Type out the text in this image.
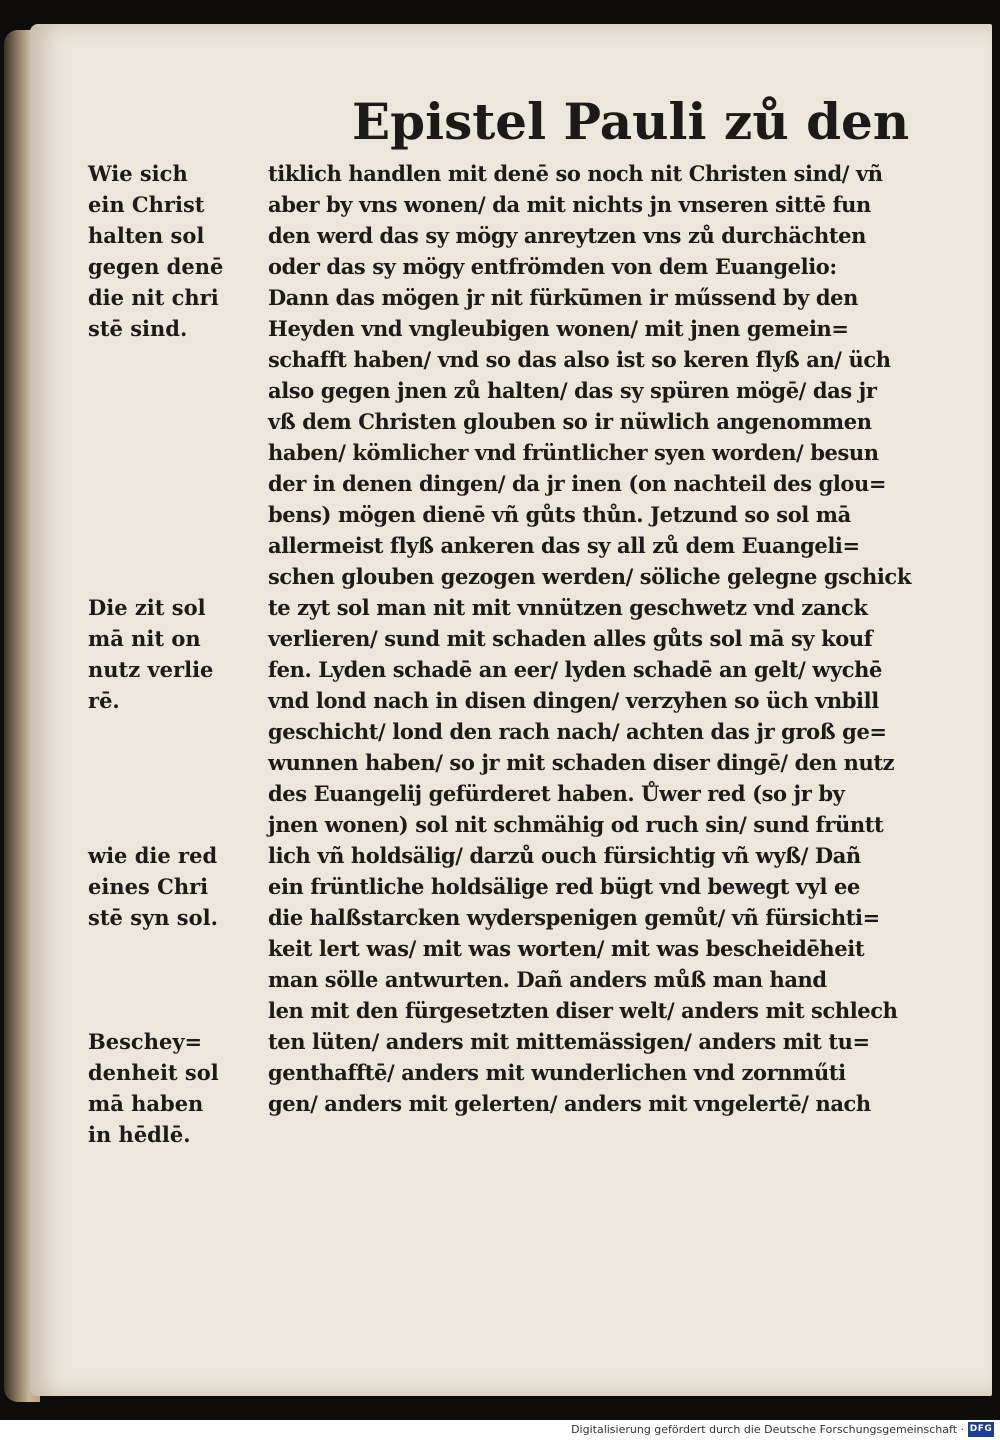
Epistel Pauli zů den
Wie sich
ein Christ
halten sol
gegen denē
die nit chri
stē sind.
Die zit sol
mā nit on
nutz verlie
rē.
wie die red
eines Chri
stē syn sol.
Beschey=
denheit sol
mā haben
in hēdlē.
tiklich handlen mit denē so noch nit Christen sind/ vñ
aber by vns wonen/ da mit nichts jn vnseren sittē fun
den werd das sy mögy anreytzen vns zů durchächten
oder das sy mögy entfrömden von dem Euangelio:
Dann das mögen jr nit fürkūmen ir műssend by den
Heyden vnd vngleubigen wonen/ mit jnen gemein=
schafft haben/ vnd so das also ist so keren flyß an/ üch
also gegen jnen zů halten/ das sy spüren mögē/ das jr
vß dem Christen glouben so ir nüwlich angenommen
haben/ kömlicher vnd früntlicher syen worden/ besun
der in denen dingen/ da jr inen (on nachteil des glou=
bens) mögen dienē vñ gůts thůn. Jetzund so sol mā
allermeist flyß ankeren das sy all zů dem Euangeli=
schen glouben gezogen werden/ söliche gelegne gschick
te zyt sol man nit mit vnnützen geschwetz vnd zanck
verlieren/ sund mit schaden alles gůts sol mā sy kouf
fen. Lyden schadē an eer/ lyden schadē an gelt/ wychē
vnd lond nach in disen dingen/ verzyhen so üch vnbill
geschicht/ lond den rach nach/ achten das jr groß ge=
wunnen haben/ so jr mit schaden diser dingē/ den nutz
des Euangelij gefürderet haben. Ůwer red (so jr by
jnen wonen) sol nit schmähig od ruch sin/ sund früntt
lich vñ holdsälig/ darzů ouch fürsichtig vñ wyß/ Dañ
ein früntliche holdsälige red bügt vnd bewegt vyl ee
die halßstarcken wyderspenigen gemůt/ vñ fürsichti=
keit lert was/ mit was worten/ mit was bescheidēheit
man sölle antwurten. Dañ anders můß man hand
len mit den fürgesetzten diser welt/ anders mit schlech
ten lüten/ anders mit mittemässigen/ anders mit tu=
genthafftē/ anders mit wunderlichen vnd zornműti
gen/ anders mit gelerten/ anders mit vngelertē/ nach
Digitalisierung gefördert durch die Deutsche Forschungsgemeinschaft · DFG
